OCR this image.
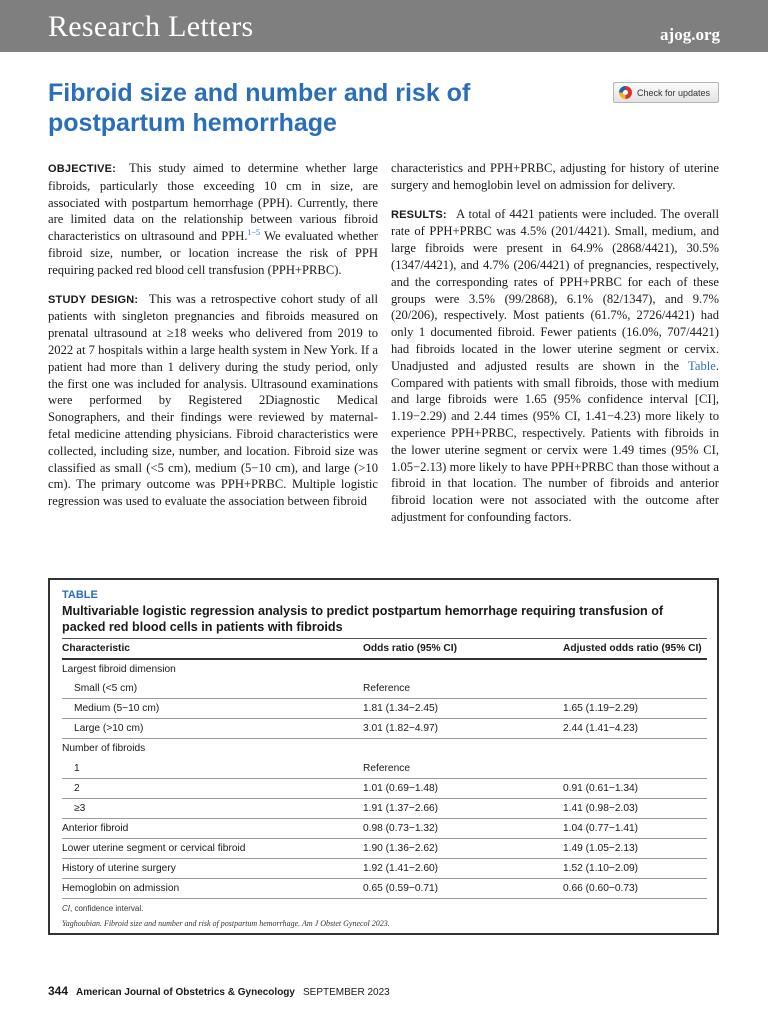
Research Letters	ajog.org
Fibroid size and number and risk of postpartum hemorrhage
Check for updates

OBJECTIVE: This study aimed to determine whether large fibroids, particularly those exceeding 10 cm in size, are associated with postpartum hemorrhage (PPH). Currently, there are limited data on the relationship between various fibroid characteristics on ultrasound and PPH.$^{1-5}$ We evaluated whether fibroid size, number, or location increase the risk of PPH requiring packed red blood cell transfusion (PPH+PRBC).

STUDY DESIGN: This was a retrospective cohort study of all patients with singleton pregnancies and fibroids measured on prenatal ultrasound at ≥18 weeks who delivered from 2019 to 2022 at 7 hospitals within a large health system in New York. If a patient had more than 1 delivery during the study period, only the first one was included for analysis. Ultrasound examinations were performed by Registered 2Diagnostic Medical Sonographers, and their findings were reviewed by maternal-fetal medicine attending physicians. Fibroid characteristics were collected, including size, number, and location. Fibroid size was classified as small (<5 cm), medium (5−10 cm), and large (>10 cm). The primary outcome was PPH+PRBC. Multiple logistic regression was used to evaluate the association between fibroid

characteristics and PPH+PRBC, adjusting for history of uterine surgery and hemoglobin level on admission for delivery.

RESULTS: A total of 4421 patients were included. The overall rate of PPH+PRBC was 4.5% (201/4421). Small, medium, and large fibroids were present in 64.9% (2868/4421), 30.5% (1347/4421), and 4.7% (206/4421) of pregnancies, respectively, and the corresponding rates of PPH+PRBC for each of these groups were 3.5% (99/2868), 6.1% (82/1347), and 9.7% (20/206), respectively. Most patients (61.7%, 2726/4421) had only 1 documented fibroid. Fewer patients (16.0%, 707/4421) had fibroids located in the lower uterine segment or cervix. Unadjusted and adjusted results are shown in the Table. Compared with patients with small fibroids, those with medium and large fibroids were 1.65 (95% confidence interval [CI], 1.19−2.29) and 2.44 times (95% CI, 1.41−4.23) more likely to experience PPH+PRBC, respectively. Patients with fibroids in the lower uterine segment or cervix were 1.49 times (95% CI, 1.05−2.13) more likely to have PPH+PRBC than those without a fibroid in that location. The number of fibroids and anterior fibroid location were not associated with the outcome after adjustment for confounding factors.

TABLE
Multivariable logistic regression analysis to predict postpartum hemorrhage requiring transfusion of packed red blood cells in patients with fibroids
Characteristic	Odds ratio (95% CI)	Adjusted odds ratio (95% CI)
Largest fibroid dimension		
Small (<5 cm)	Reference	
Medium (5−10 cm)	1.81 (1.34−2.45)	1.65 (1.19−2.29)
Large (>10 cm)	3.01 (1.82−4.97)	2.44 (1.41−4.23)
Number of fibroids		
1	Reference	
2	1.01 (0.69−1.48)	0.91 (0.61−1.34)
≥3	1.91 (1.37−2.66)	1.41 (0.98−2.03)
Anterior fibroid	0.98 (0.73−1.32)	1.04 (0.77−1.41)
Lower uterine segment or cervical fibroid	1.90 (1.36−2.62)	1.49 (1.05−2.13)
History of uterine surgery	1.92 (1.41−2.60)	1.52 (1.10−2.09)
Hemoglobin on admission	0.65 (0.59−0.71)	0.66 (0.60−0.73)
CI, confidence interval.
Yaghoubian. Fibroid size and number and risk of postpartum hemorrhage. Am J Obstet Gynecol 2023.
344 American Journal of Obstetrics & Gynecology SEPTEMBER 2023
